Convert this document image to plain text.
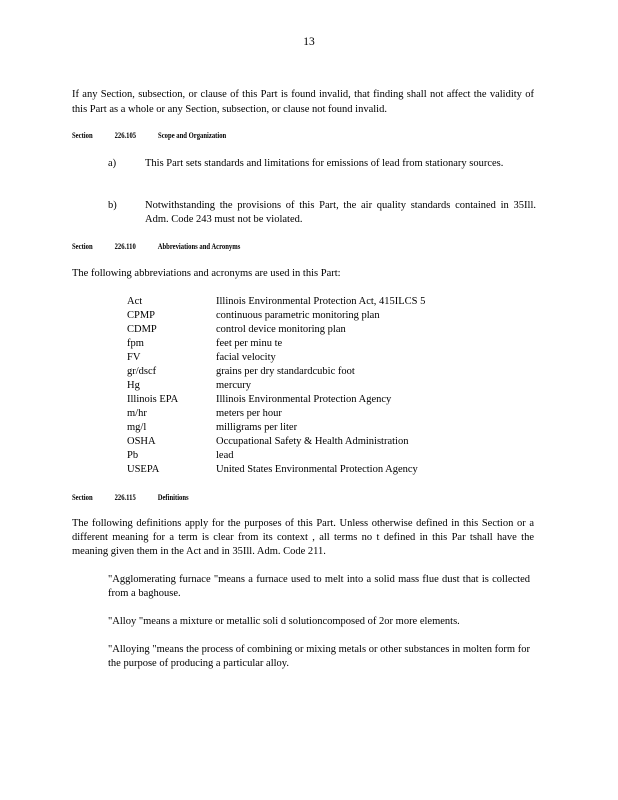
13

If any Section, subsection, or clause of this Part is found invalid, that finding shall not affect the validity of this Part as a whole or any Section, subsection, or clause not found invalid.

Section	226.105	Scope and Organization
a)	This Part sets standards and limitations for emissions of lead from stationary sources.
b)	Notwithstanding the provisions of this Part, the air quality standards contained in 35Ill. Adm. Code 243 must not be violated.
Section	226.110	Abbreviations and Acronyms

The following abbreviations and acronyms are used in this Part:

Act	Illinois Environmental Protection Act, 415ILCS 5
CPMP	continuous parametric monitoring plan
CDMP	control device monitoring plan
fpm	feet per minu te
FV	facial velocity
gr/dscf	grains per dry standardcubic foot
Hg	mercury
Illinois EPA	Illinois Environmental Protection Agency
m/hr	meters per hour
mg/l	milligrams per liter
OSHA	Occupational Safety & Health Administration
Pb	lead
USEPA	United States Environmental Protection Agency
Section	226.115	Definitions

The following definitions apply for the purposes of this Part. Unless otherwise defined in this Section or a different meaning for a term is clear from its context , all terms no t defined in this Par tshall have the meaning given them in the Act and in 35Ill. Adm. Code 211.

"Agglomerating furnace "means a furnace used to melt into a solid mass flue dust that is collected from a baghouse.

"Alloy "means a mixture or metallic soli d solutioncomposed of 2or more elements.

"Alloying "means the process of combining or mixing metals or other substances in molten form for the purpose of producing a particular alloy.
